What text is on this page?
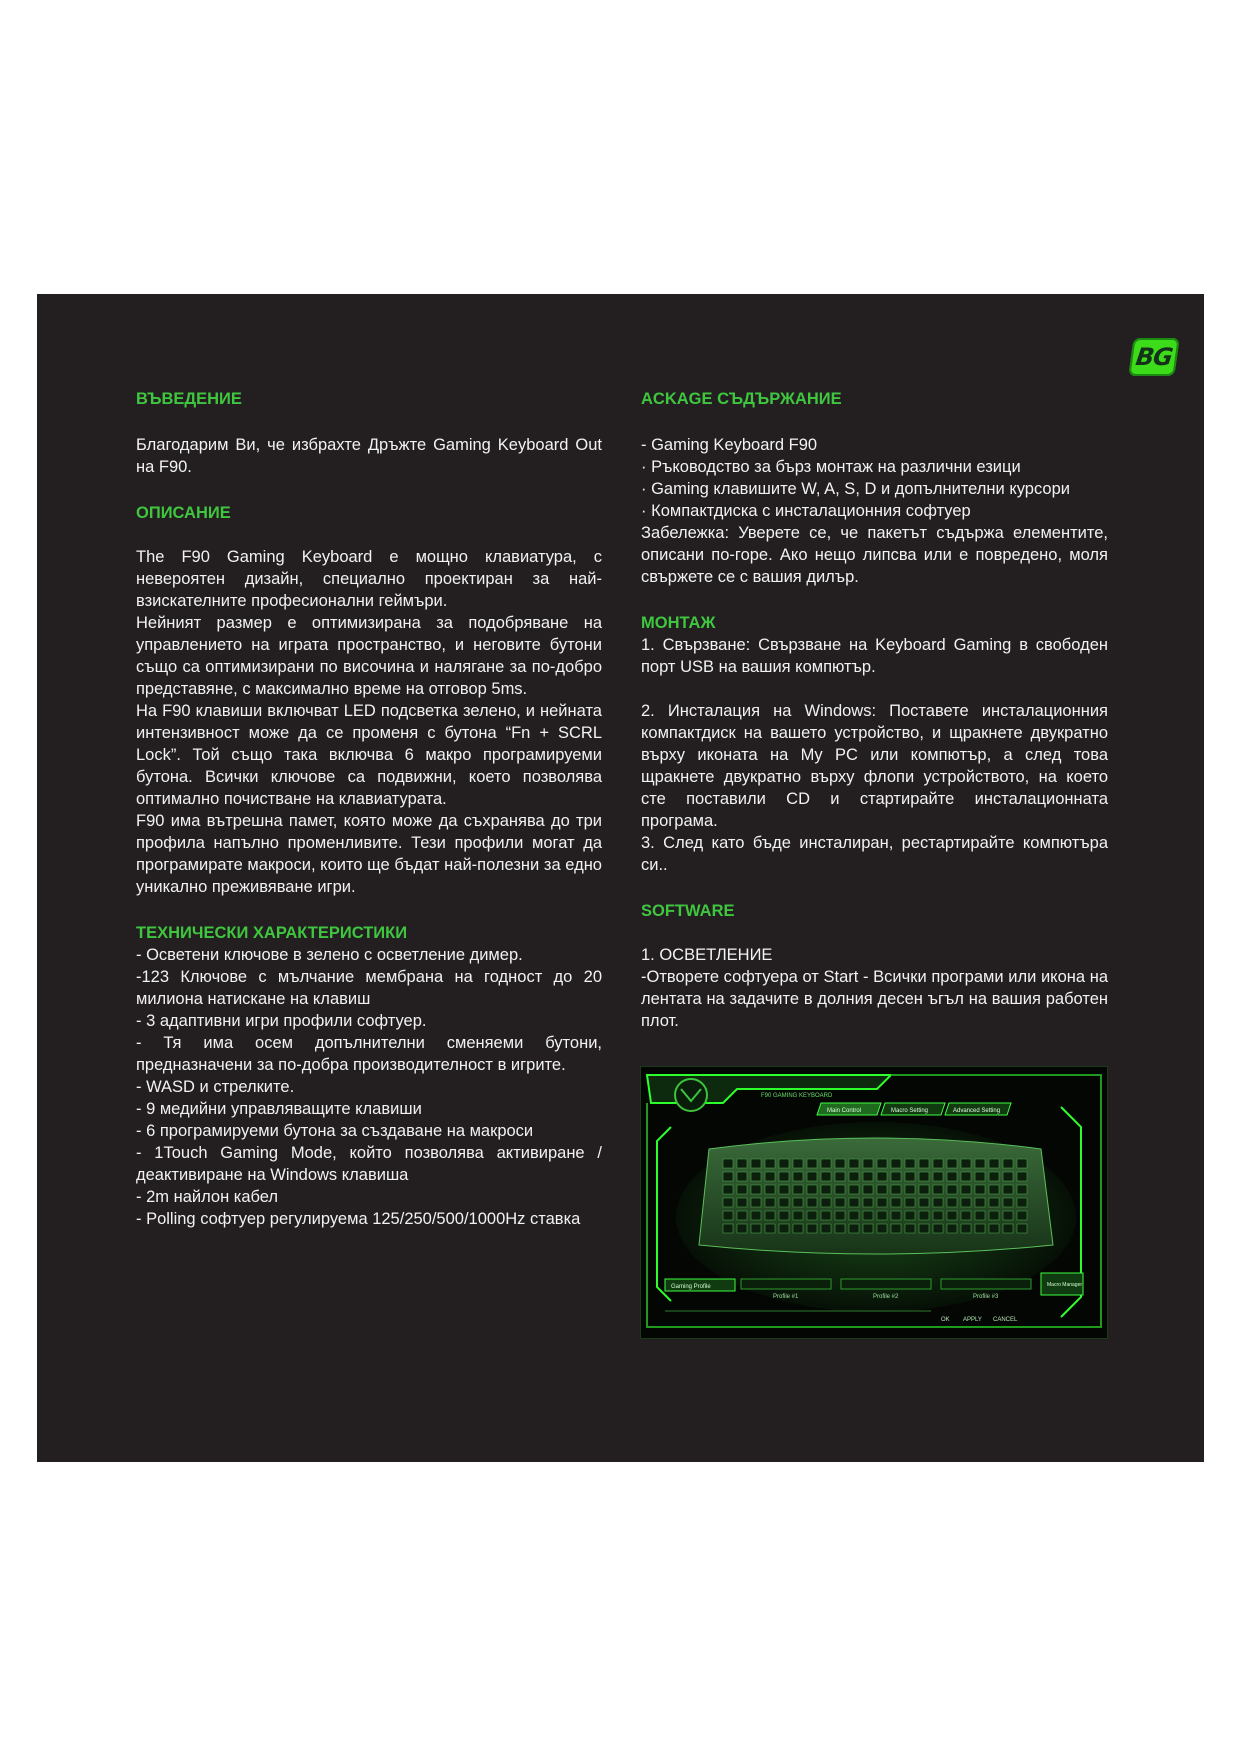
BG
ВЪВЕДЕНИЕ

Благодарим Ви, че избрахте Дръжте Gaming Keyboard Out на F90.

ОПИСАНИЕ

The F90 Gaming Keyboard е мощно клавиатура, с невероятен дизайн, специално проектиран за най-взискателните професионални геймъри.

Нейният размер е оптимизирана за подобряване на управлението на играта пространство, и неговите бутони също са оптимизирани по височина и налягане за по-добро представяне, с максимално време на отговор 5ms.

На F90 клавиши включват LED подсветка зелено, и нейната интензивност може да се променя с бутона “Fn + SCRL Lock”. Той също така включва 6 макро програмируеми бутона. Всички ключове са подвижни, което позволява оптимално почистване на клавиатурата.

F90 има вътрешна памет, която може да съхранява до три профила напълно променливите. Тези профили могат да програмирате макроси, които ще бъдат най-полезни за едно уникално преживяване игри.

ТЕХНИЧЕСКИ ХАРАКТЕРИСТИКИ

- Осветени ключове в зелено с осветление димер.

-123 Ключове с мълчание мембрана на годност до 20 милиона натискане на клавиш

- 3 адаптивни игри профили софтуер.

- Тя има осем допълнителни сменяеми бутони, предназначени за по-добра производителност в игрите.

- WASD и стрелките.

- 9 медийни управляващите клавиши

- 6 програмируеми бутона за създаване на макроси

- 1Touch Gaming Mode, който позволява активиране / деактивиране на Windows клавиша

- 2m найлон кабел

- Polling софтуер регулируема 125/250/500/1000Hz ставка

ACKAGE СЪДЪРЖАНИЕ

- Gaming Keyboard F90

· Ръководство за бърз монтаж на различни езици

· Gaming клавишите W, A, S, D и допълнителни курсори

· Компактдиска с инсталационния софтуер

Забележка: Уверете се, че пакетът съдържа елементите, описани по-горе. Ако нещо липсва или е повредено, моля свържете се с вашия дилър.

МОНТАЖ

1. Свързване: Свързване на Keyboard Gaming в свободен порт USB на вашия компютър.

2. Инсталация на Windows: Поставете инсталационния компактдиск на вашето устройство, и щракнете двукратно върху иконата на My PC или компютър, а след това щракнете двукратно върху флопи устройството, на което сте поставили CD и стартирайте инсталационната програма.

3. След като бъде инсталиран, рестартирайте компютъра си..

SOFTWARE

1. ОСВЕТЛЕНИЕ

-Отворете софтуера от Start - Всички програми или икона на лентата на задачите в долния десен ъгъл на вашия работен плот.

F90 GAMING KEYBOARD
Main Control	Macro Setting	Advanced Setting
Gaming Profile
Profile #1	Profile #2	Profile #3
Macro Manager
OK APPLY CANCEL
